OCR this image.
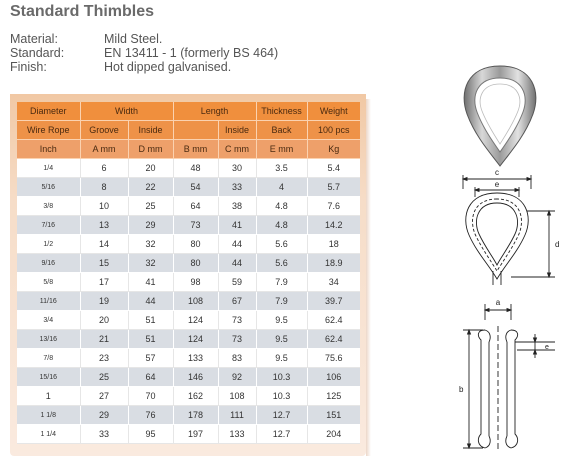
Standard Thimbles
Material:	Mild Steel.
Standard:	EN 13411 - 1 (formerly BS 464)
Finish:	Hot dipped galvanised.
Diameter	Width		Length		Thickness	Weight
Wire Rope	Groove	Inside		Inside	Back	100 pcs
Inch	A mm	D mm	B mm	C mm	E mm	Kg
1/4	6	20	48	30	3.5	5.4
5/16	8	22	54	33	4	5.7
3/8	10	25	64	38	4.8	7.6
7/16	13	29	73	41	4.8	14.2
1/2	14	32	80	44	5.6	18
9/16	15	32	80	44	5.6	18.9
5/8	17	41	98	59	7.9	34
11/16	19	44	108	67	7.9	39.7
3/4	20	51	124	73	9.5	62.4
13/16	21	51	124	73	9.5	62.4
7/8	23	57	133	83	9.5	75.6
15/16	25	64	146	92	10.3	106
1	27	70	162	108	10.3	125
1 1/8	29	76	178	111	12.7	151
1 1/4	33	95	197	133	12.7	204
c
e
d
a
b
e
